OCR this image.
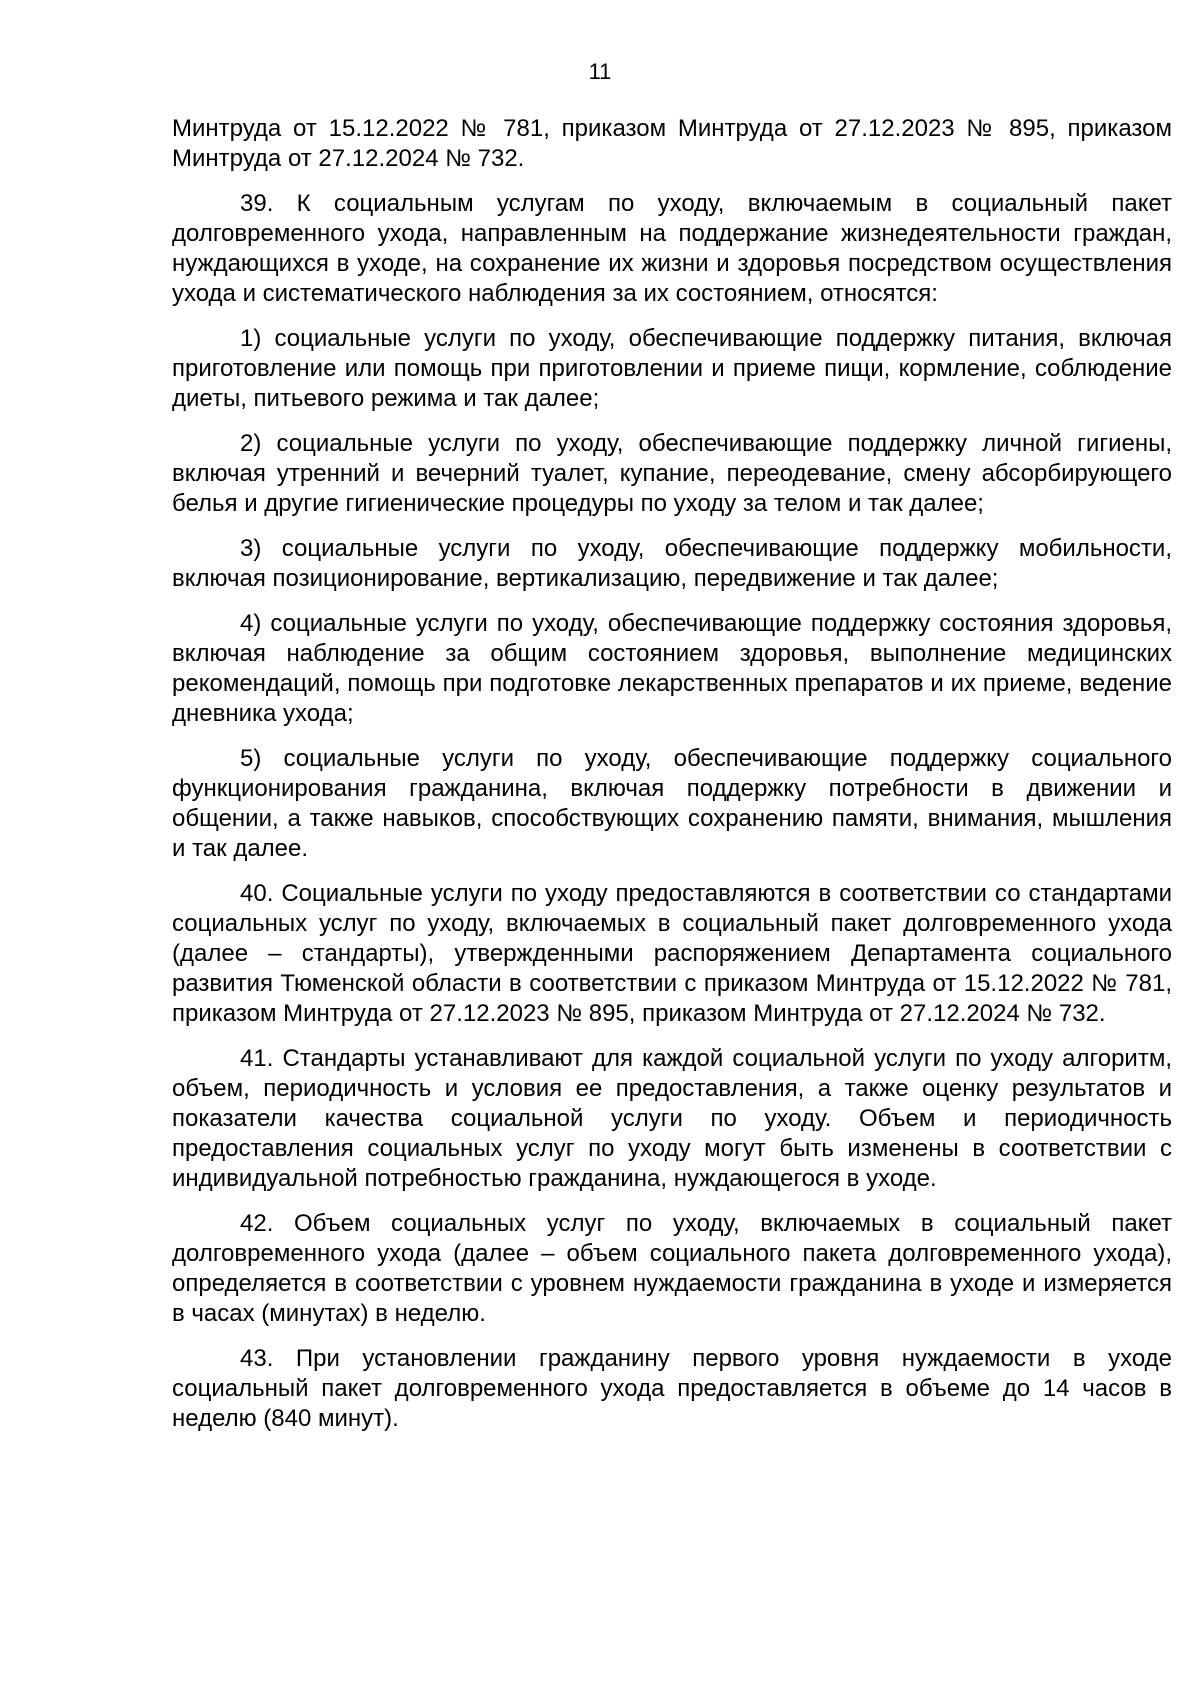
11

Минтруда от 15.12.2022 № 781, приказом Минтруда от 27.12.2023 № 895, приказом Минтруда от 27.12.2024 № 732.

39. К социальным услугам по уходу, включаемым в социальный пакет долговременного ухода, направленным на поддержание жизнедеятельности граждан, нуждающихся в уходе, на сохранение их жизни и здоровья посредством осуществления ухода и систематического наблюдения за их состоянием, относятся:

1) социальные услуги по уходу, обеспечивающие поддержку питания, включая приготовление или помощь при приготовлении и приеме пищи, кормление, соблюдение диеты, питьевого режима и так далее;

2) социальные услуги по уходу, обеспечивающие поддержку личной гигиены, включая утренний и вечерний туалет, купание, переодевание, смену абсорбирующего белья и другие гигиенические процедуры по уходу за телом и так далее;

3) социальные услуги по уходу, обеспечивающие поддержку мобильности, включая позиционирование, вертикализацию, передвижение и так далее;

4) социальные услуги по уходу, обеспечивающие поддержку состояния здоровья, включая наблюдение за общим состоянием здоровья, выполнение медицинских рекомендаций, помощь при подготовке лекарственных препаратов и их приеме, ведение дневника ухода;

5) социальные услуги по уходу, обеспечивающие поддержку социального функционирования гражданина, включая поддержку потребности в движении и общении, а также навыков, способствующих сохранению памяти, внимания, мышления и так далее.

40. Социальные услуги по уходу предоставляются в соответствии со стандартами социальных услуг по уходу, включаемых в социальный пакет долговременного ухода (далее – стандарты), утвержденными распоряжением Департамента социального развития Тюменской области в соответствии с приказом Минтруда от 15.12.2022 № 781, приказом Минтруда от 27.12.2023 № 895, приказом Минтруда от 27.12.2024 № 732.

41. Стандарты устанавливают для каждой социальной услуги по уходу алгоритм, объем, периодичность и условия ее предоставления, а также оценку результатов и показатели качества социальной услуги по уходу. Объем и периодичность предоставления социальных услуг по уходу могут быть изменены в соответствии с индивидуальной потребностью гражданина, нуждающегося в уходе.

42. Объем социальных услуг по уходу, включаемых в социальный пакет долговременного ухода (далее – объем социального пакета долговременного ухода), определяется в соответствии с уровнем нуждаемости гражданина в уходе и измеряется в часах (минутах) в неделю.

43. При установлении гражданину первого уровня нуждаемости в уходе социальный пакет долговременного ухода предоставляется в объеме до 14 часов в неделю (840 минут).
